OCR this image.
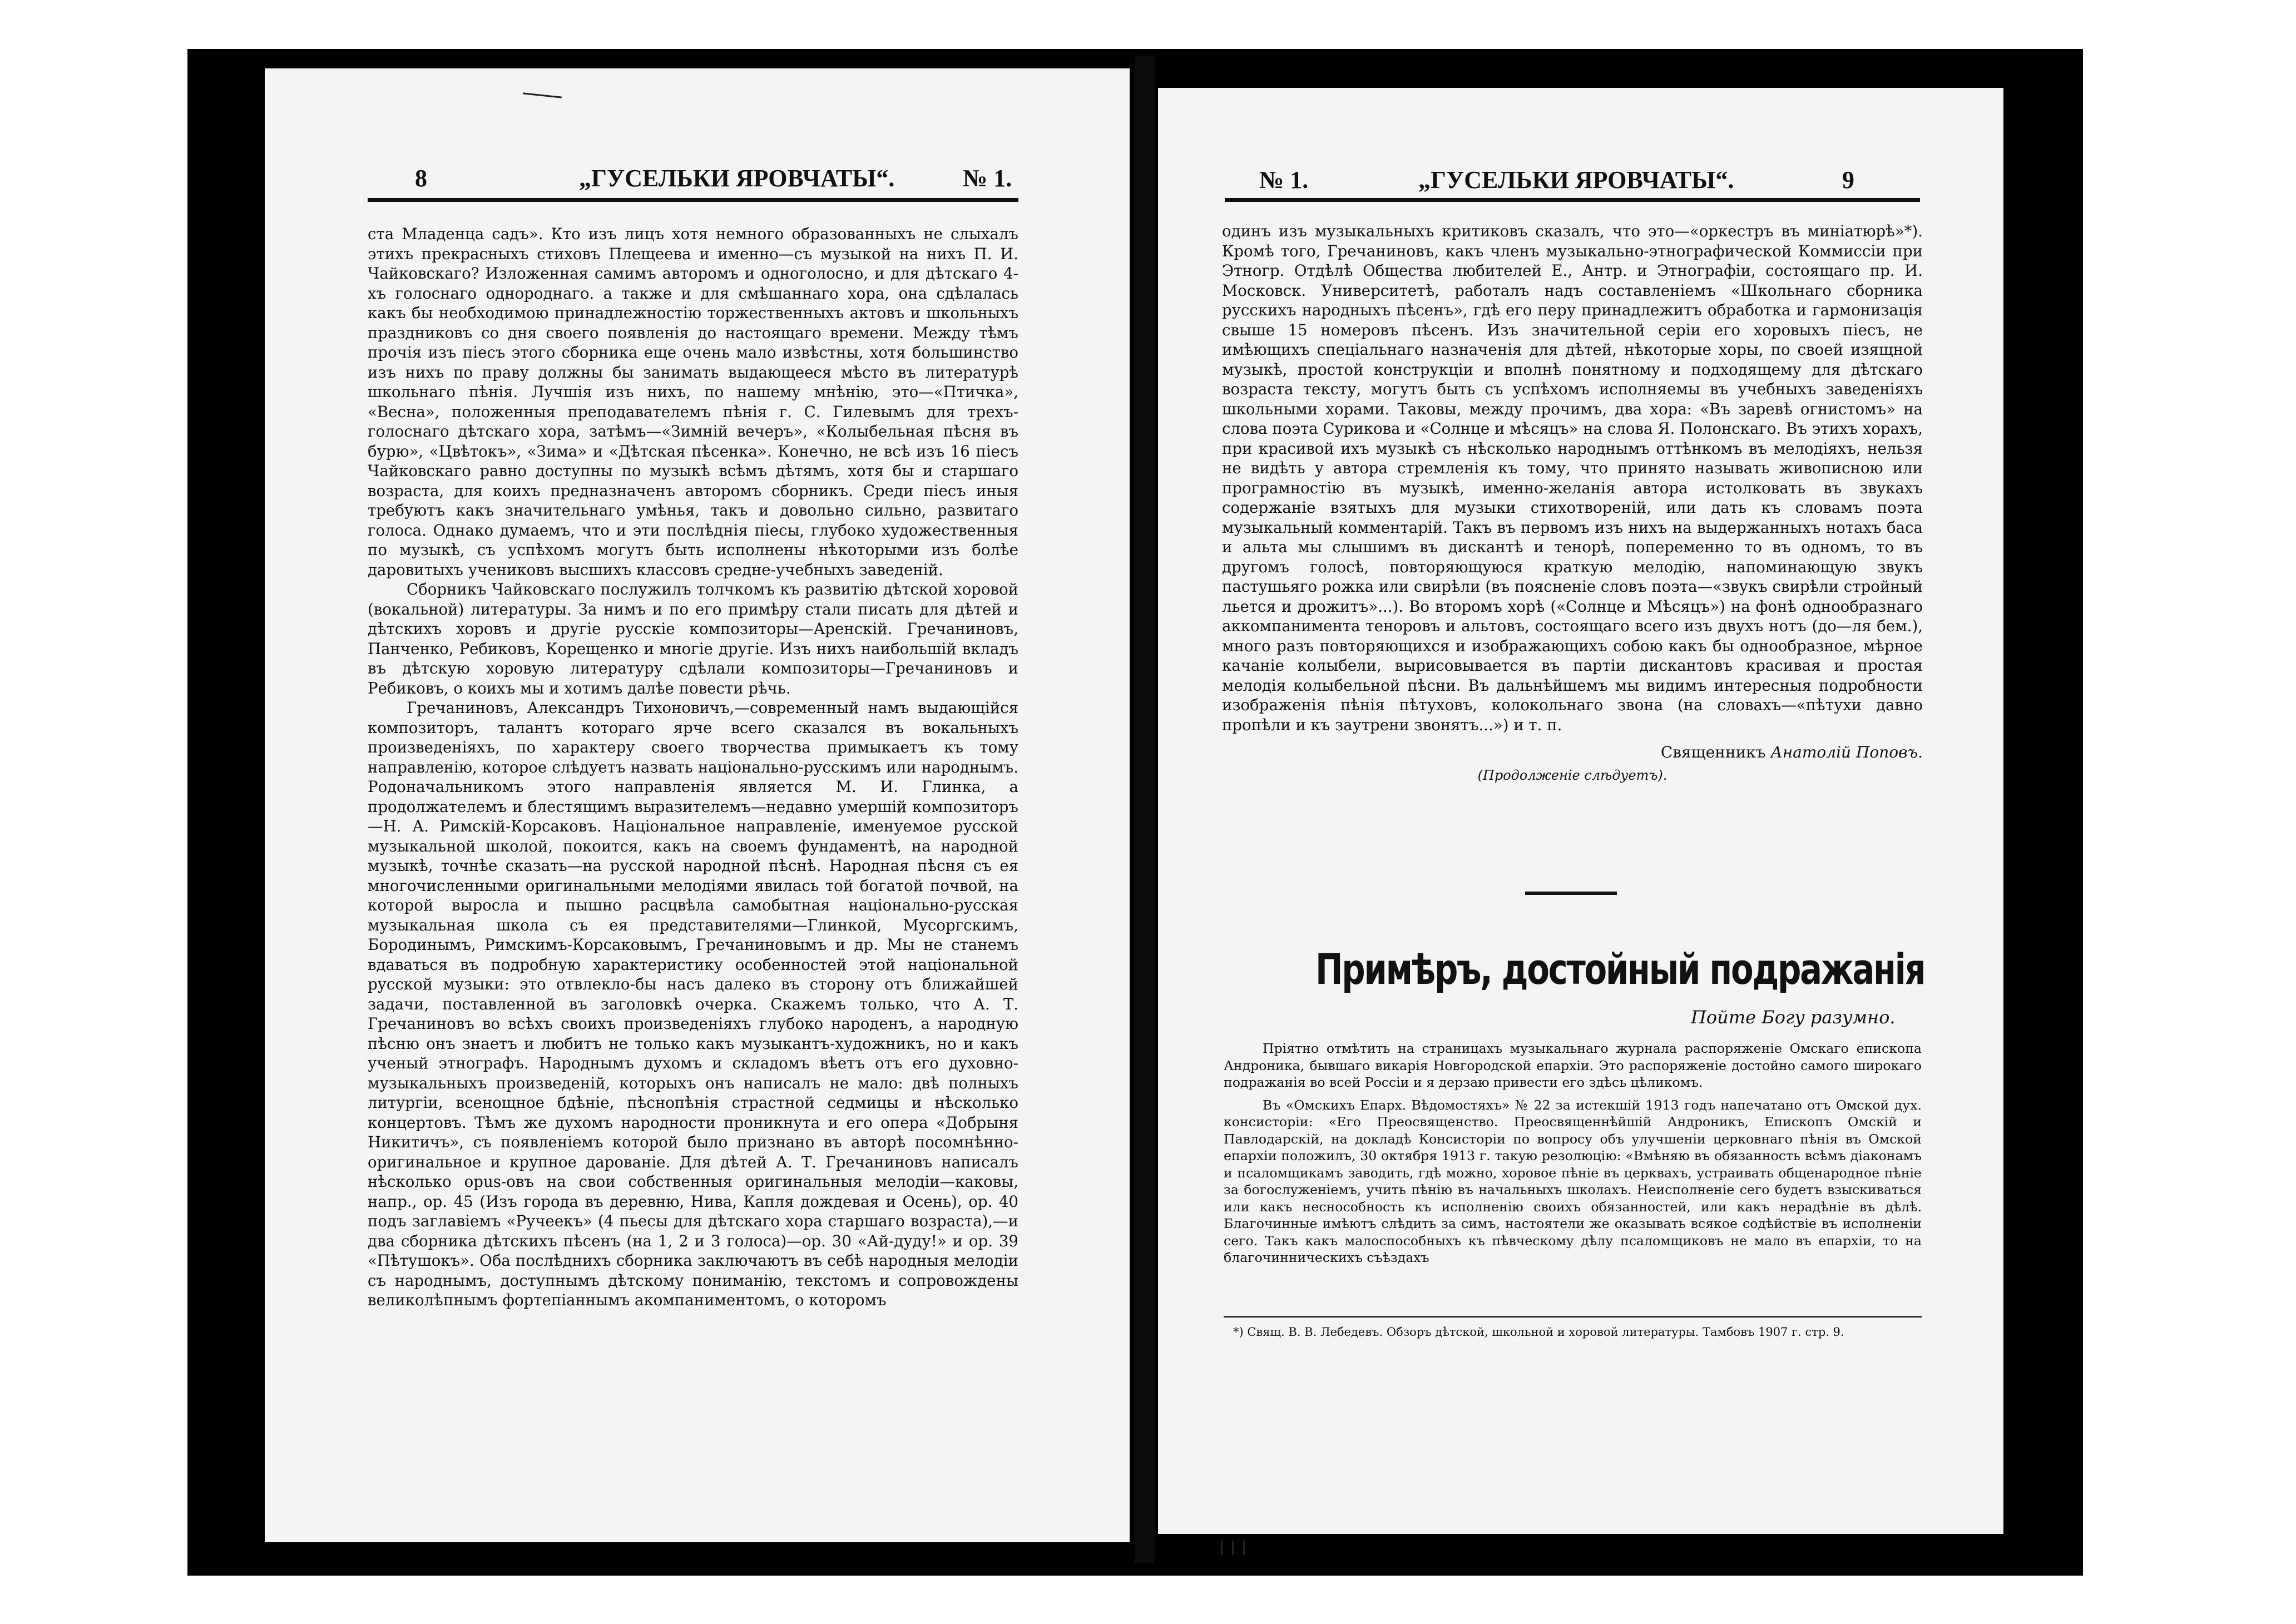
8	„ГУСЕЛЬКИ ЯРОВЧАТЫ“.	№ 1.

ста Младенца садъ». Кто изъ лицъ хотя немного образованныхъ не слыхалъ этихъ прекрасныхъ стиховъ Плещеева и именно—съ музыкой на нихъ П. И. Чайковскаго? Изложенная самимъ авторомъ и одноголосно, и для дѣтскаго 4-хъ голоснаго однороднаго. а также и для смѣшаннаго хора, она сдѣлалась какъ бы необходимою принадлежностію торжественныхъ актовъ и школьныхъ праздниковъ со дня своего появленія до настоящаго времени. Между тѣмъ прочія изъ піесъ этого сборника еще очень мало извѣстны, хотя большинство изъ нихъ по праву должны бы занимать выдающееся мѣсто въ литературѣ школьнаго пѣнія. Лучшія изъ нихъ, по нашему мнѣнію, это—«Птичка», «Весна», положенныя преподавателемъ пѣнія г. С. Гилевымъ для трехъ-голоснаго дѣтскаго хора, затѣмъ—«Зимній вечеръ», «Колыбельная пѣсня въ бурю», «Цвѣтокъ», «Зима» и «Дѣтская пѣсенка». Конечно, не всѣ изъ 16 піесъ Чайковскаго равно доступны по музыкѣ всѣмъ дѣтямъ, хотя бы и старшаго возраста, для коихъ предназначенъ авторомъ сборникъ. Среди піесъ иныя требуютъ какъ значительнаго умѣнья, такъ и довольно сильно, развитаго голоса. Однако думаемъ, что и эти послѣднія піесы, глубоко художественныя по музыкѣ, съ успѣхомъ могутъ быть исполнены нѣкоторыми изъ болѣе даровитыхъ учениковъ высшихъ классовъ средне-учебныхъ заведеній.

Сборникъ Чайковскаго послужилъ толчкомъ къ развитію дѣтской хоровой (вокальной) литературы. За нимъ и по его примѣру стали писать для дѣтей и дѣтскихъ хоровъ и другіе русскіе композиторы—Аренскій. Гречаниновъ, Панченко, Ребиковъ, Корещенко и многіе другіе. Изъ нихъ наибольшій вкладъ въ дѣтскую хоровую литературу сдѣлали композиторы—Гречаниновъ и Ребиковъ, о коихъ мы и хотимъ далѣе повести рѣчь.

Гречаниновъ, Александръ Тихоновичъ,—современный намъ выдающійся композиторъ, талантъ котораго ярче всего сказался въ вокальныхъ произведеніяхъ, по характеру своего творчества примыкаетъ къ тому направленію, которое слѣдуетъ назвать національно-русскимъ или народнымъ. Родоначальникомъ этого направленія является М. И. Глинка, а продолжателемъ и блестящимъ выразителемъ—недавно умершій композиторъ—Н. А. Римскій-Корсаковъ. Національное направленіе, именуемое русской музыкальной школой, покоится, какъ на своемъ фундаментѣ, на народной музыкѣ, точнѣе сказать—на русской народной пѣснѣ. Народная пѣсня съ ея многочисленными оригинальными мелодіями явилась той богатой почвой, на которой выросла и пышно расцвѣла самобытная національно-русская музыкальная школа съ ея представителями—Глинкой, Мусоргскимъ, Бородинымъ, Римскимъ-Корсаковымъ, Гречаниновымъ и др. Мы не станемъ вдаваться въ подробную характеристику особенностей этой національной русской музыки: это отвлекло-бы насъ далеко въ сторону отъ ближайшей задачи, поставленной въ заголовкѣ очерка. Скажемъ только, что А. Т. Гречаниновъ во всѣхъ своихъ произведеніяхъ глубоко народенъ, а народную пѣсню онъ знаетъ и любитъ не только какъ музыкантъ-художникъ, но и какъ ученый этнографъ. Народнымъ духомъ и складомъ вѣетъ отъ его духовно-музыкальныхъ произведеній, которыхъ онъ написалъ не мало: двѣ полныхъ литургіи, всенощное бдѣніе, пѣснопѣнія страстной седмицы и нѣсколько концертовъ. Тѣмъ же духомъ народности проникнута и его опера «Добрыня Никитичъ», съ появленіемъ которой было признано въ авторѣ посомнѣнно-оригинальное и крупное дарованіе. Для дѣтей А. Т. Гречаниновъ написалъ нѣсколько opus-овъ на свои собственныя оригинальныя мелодіи—каковы, напр., ор. 45 (Изъ города въ деревню, Нива, Капля дождевая и Осень), ор. 40 подъ заглавіемъ «Ручеекъ» (4 пьесы для дѣтскаго хора старшаго возраста),—и два сборника дѣтскихъ пѣсенъ (на 1, 2 и 3 голоса)—ор. 30 «Ай-дуду!» и ор. 39 «Пѣтушокъ». Оба послѣднихъ сборника заключаютъ въ себѣ народныя мелодіи съ народнымъ, доступнымъ дѣтскому пониманію, текстомъ и сопровождены великолѣпнымъ фортепіаннымъ акомпаниментомъ, о которомъ

№ 1.	„ГУСЕЛЬКИ ЯРОВЧАТЫ“.	9

одинъ изъ музыкальныхъ критиковъ сказалъ, что это—«оркестръ въ миніатюрѣ»*). Кромѣ того, Гречаниновъ, какъ членъ музыкально-этнографической Коммиссіи при Этногр. Отдѣлѣ Общества любителей Е., Антр. и Этнографіи, состоящаго пр. И. Московск. Университетѣ, работалъ надъ составленіемъ «Школьнаго сборника русскихъ народныхъ пѣсенъ», гдѣ его перу принадлежитъ обработка и гармонизація свыше 15 номеровъ пѣсенъ. Изъ значительной серіи его хоровыхъ піесъ, не имѣющихъ спеціальнаго назначенія для дѣтей, нѣкоторые хоры, по своей изящной музыкѣ, простой конструкціи и вполнѣ понятному и подходящему для дѣтскаго возраста тексту, могутъ быть съ успѣхомъ исполняемы въ учебныхъ заведеніяхъ школьными хорами. Таковы, между прочимъ, два хора: «Въ заревѣ огнистомъ» на слова поэта Сурикова и «Солнце и мѣсяцъ» на слова Я. Полонскаго. Въ этихъ хорахъ, при красивой ихъ музыкѣ съ нѣсколько народнымъ оттѣнкомъ въ мелодіяхъ, нельзя не видѣть у автора стремленія къ тому, что принято называть живописною или програмностію въ музыкѣ, именно-желанія автора истолковать въ звукахъ содержаніе взятыхъ для музыки стихотвореній, или дать къ словамъ поэта музыкальный комментарій. Такъ въ первомъ изъ нихъ на выдержанныхъ нотахъ баса и альта мы слышимъ въ дискантѣ и тенорѣ, попеременно то въ одномъ, то въ другомъ голосѣ, повторяющуюся краткую мелодію, напоминающую звукъ пастушьяго рожка или свирѣли (въ поясненіе словъ поэта—«звукъ свирѣли стройный льется и дрожитъ»...). Во второмъ хорѣ («Солнце и Мѣсяцъ») на фонѣ однообразнаго аккомпанимента теноровъ и альтовъ, состоящаго всего изъ двухъ нотъ (до—ля бем.), много разъ повторяющихся и изображающихъ собою какъ бы однообразное, мѣрное качаніе колыбели, вырисовывается въ партіи дискантовъ красивая и простая мелодія колыбельной пѣсни. Въ дальнѣйшемъ мы видимъ интересныя подробности изображенія пѣнія пѣтуховъ, колокольнаго звона (на словахъ—«пѣтухи давно пропѣли и къ заутрени звонятъ...») и т. п.

Священникъ Анатолій Поповъ.
(Продолженіе слѣдуетъ).
Примѣръ, достойный подражанія
Пойте Богу разумно.

Пріятно отмѣтить на страницахъ музыкальнаго журнала распоряженіе Омскаго епископа Андроника, бывшаго викарія Новгородской епархіи. Это распоряженіе достойно самого широкаго подражанія во всей Россіи и я дерзаю привести его здѣсь цѣликомъ.

Въ «Омскихъ Епарх. Вѣдомостяхъ» № 22 за истекшій 1913 годъ напечатано отъ Омской дух. консисторіи: «Его Преосвященство. Преосвященнѣйшій Андроникъ, Епископъ Омскій и Павлодарскій, на докладѣ Консисторіи по вопросу объ улучшеніи церковнаго пѣнія въ Омской епархіи положилъ, 30 октября 1913 г. такую резолюцію: «Вмѣняю въ обязанность всѣмъ діаконамъ и псаломщикамъ заводить, гдѣ можно, хоровое пѣніе въ церквахъ, устраивать общенародное пѣніе за богослуженіемъ, учить пѣнію въ начальныхъ школахъ. Неисполненіе сего будетъ взыскиваться или какъ неснособность къ исполненію своихъ обязанностей, или какъ нерадѣніе въ дѣлѣ. Благочинные имѣютъ слѣдить за симъ, настоятели же оказывать всякое содѣйствіе въ исполненіи сего. Такъ какъ малоспособныхъ къ пѣвческому дѣлу псаломщиковъ не мало въ епархіи, то на благочинническихъ съѣздахъ

*) Свящ. В. В. Лебедевъ. Обзоръ дѣтской, школьной и хоровой литературы. Тамбовъ 1907 г. стр. 9.
